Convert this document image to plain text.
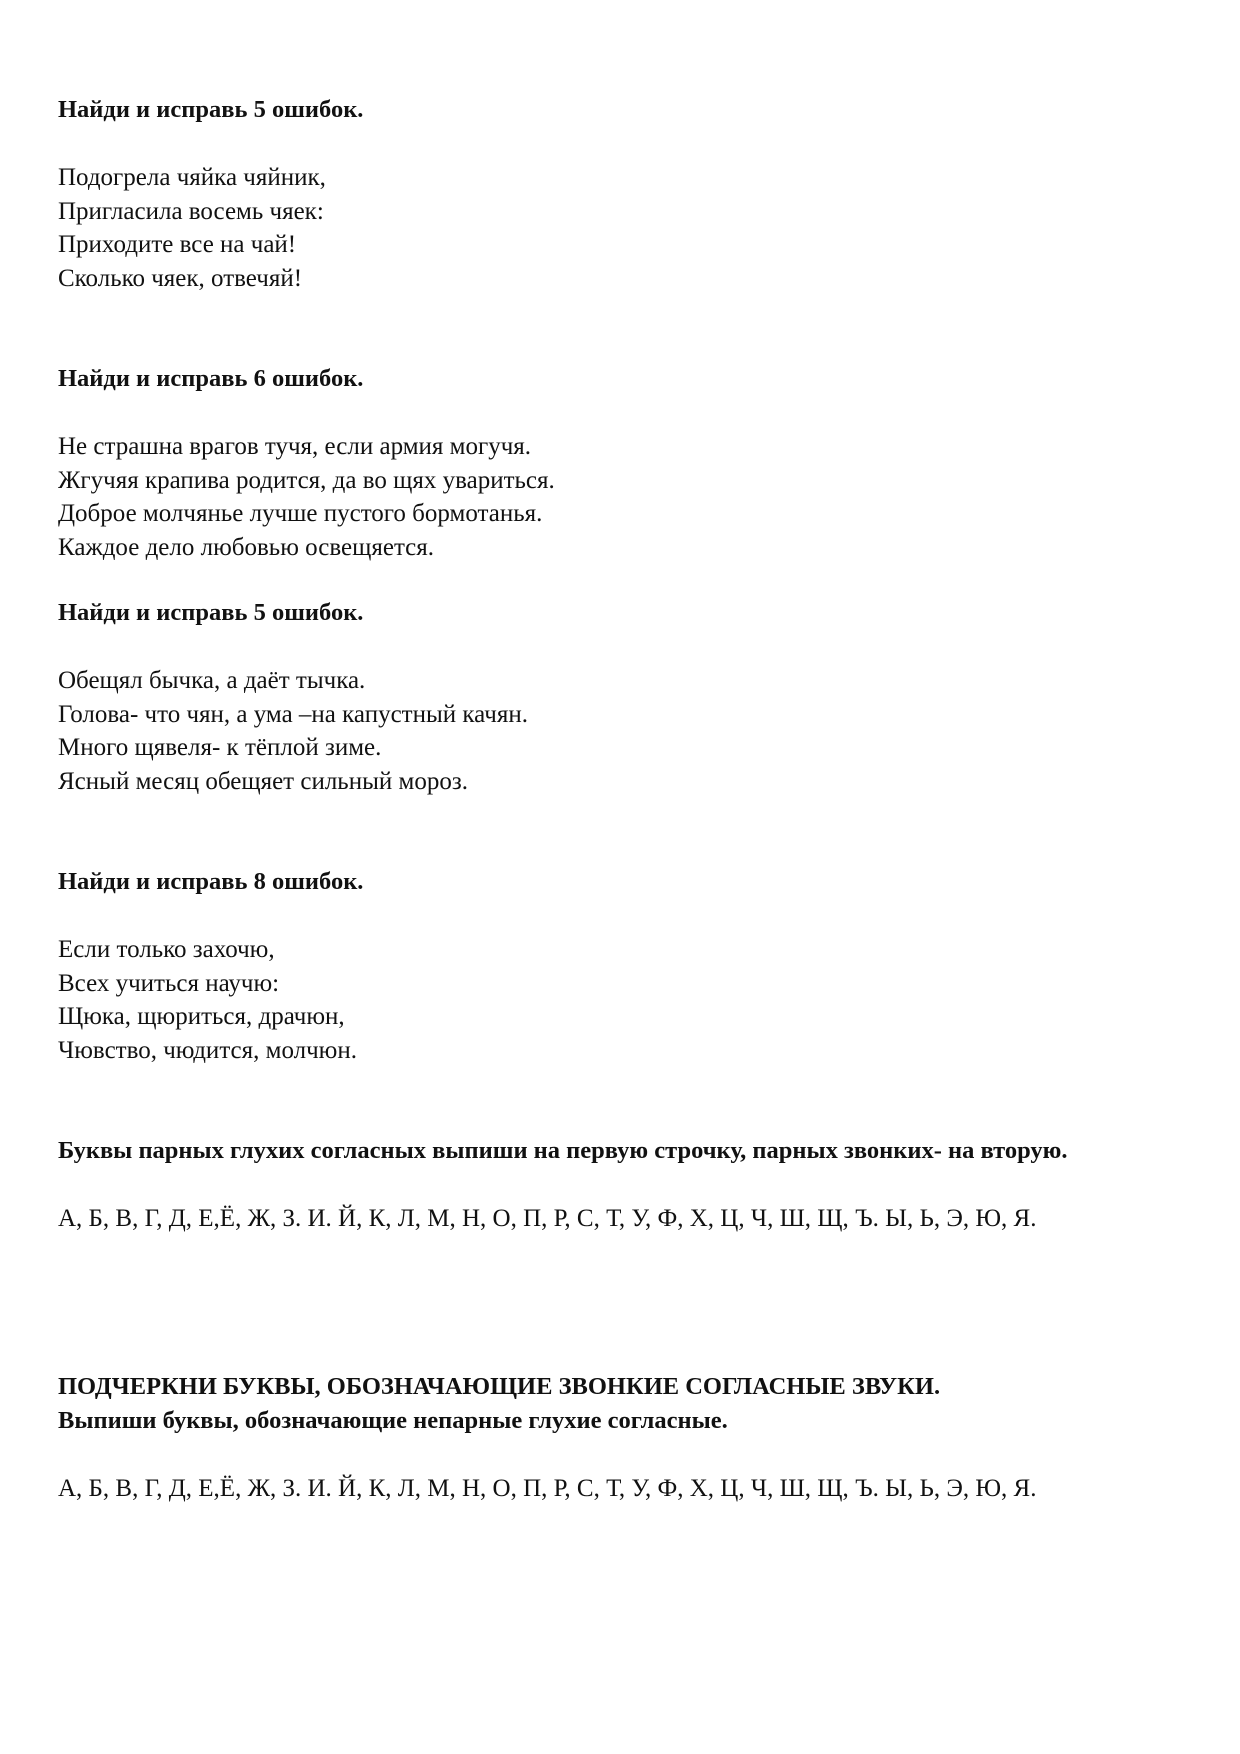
Найди и исправь 5 ошибок.

Подогрела чяйка чяйник,

Пригласила восемь чяек:

Приходите все на чай!

Сколько чяек, отвечяй!

Найди и исправь 6 ошибок.

Не страшна врагов тучя, если армия могучя.

Жгучяя крапива родится, да во щях увариться.

Доброе молчянье лучше пустого бормотанья.

Каждое дело любовью освещяется.

Найди и исправь 5 ошибок.

Обещял бычка, а даёт тычка.

Голова- что чян, а ума –на капустный качян.

Много щявеля- к тёплой зиме.

Ясный месяц обещяет сильный мороз.

Найди и исправь 8 ошибок.

Если только захочю,

Всех учиться научю:

Щюка, щюриться, драчюн,

Чювство, чюдится, молчюн.

Буквы парных глухих согласных выпиши на первую строчку, парных звонких- на вторую.

А, Б, В, Г, Д, Е,Ё, Ж, З. И. Й, К, Л, М, Н, О, П, Р, С, Т, У, Ф, Х, Ц, Ч, Ш, Щ, Ъ. Ы, Ь, Э, Ю, Я.

ПОДЧЕРКНИ БУКВЫ, ОБОЗНАЧАЮЩИЕ ЗВОНКИЕ СОГЛАСНЫЕ ЗВУКИ.

Выпиши буквы, обозначающие непарные глухие согласные.

А, Б, В, Г, Д, Е,Ё, Ж, З. И. Й, К, Л, М, Н, О, П, Р, С, Т, У, Ф, Х, Ц, Ч, Ш, Щ, Ъ. Ы, Ь, Э, Ю, Я.
